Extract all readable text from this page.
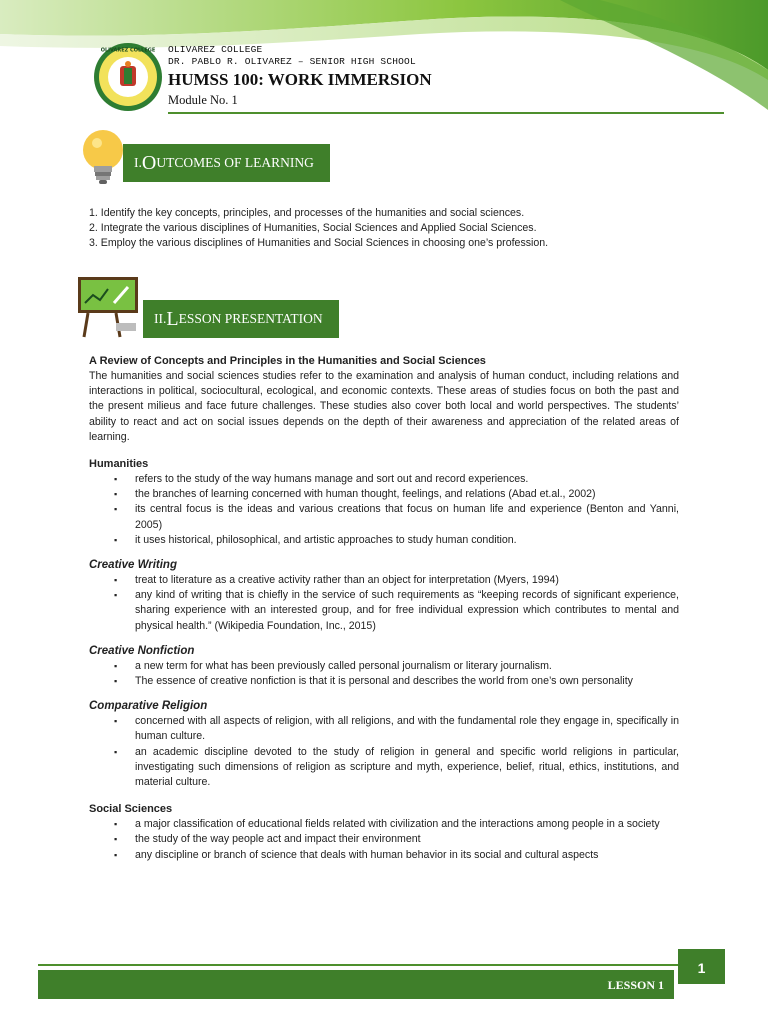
OLIVAREZ COLLEGE OLIVAREZ COLLEGE
DR. PABLO R. OLIVAREZ – SENIOR HIGH SCHOOL
HUMSS 100: WORK IMMERSION
Module No. 1
I. O UTCOMES OF LEARNING
1. Identify the key concepts, principles, and processes of the humanities and social sciences.
2. Integrate the various disciplines of Humanities, Social Sciences and Applied Social Sciences.
3. Employ the various disciplines of Humanities and Social Sciences in choosing one’s profession.
II. L ESSON PRESENTATION
A Review of Concepts and Principles in the Humanities and Social Sciences

The humanities and social sciences studies refer to the examination and analysis of human conduct, including relations and interactions in political, sociocultural, ecological, and economic contexts. These areas of studies focus on both the past and the present milieus and face future challenges. These studies also cover both local and world perspectives. The students’ ability to react and act on social issues depends on the depth of their awareness and appreciation of the related areas of learning.

Humanities
▪ refers to the study of the way humans manage and sort out and record experiences.
▪ the branches of learning concerned with human thought, feelings, and relations (Abad et.al., 2002)
▪ its central focus is the ideas and various creations that focus on human life and experience (Benton and Yanni, 2005)
▪ it uses historical, philosophical, and artistic approaches to study human condition.
Creative Writing
▪ treat to literature as a creative activity rather than an object for interpretation (Myers, 1994)
▪ any kind of writing that is chiefly in the service of such requirements as “keeping records of significant experience, sharing experience with an interested group, and for free individual expression which contributes to mental and physical health.” (Wikipedia Foundation, Inc., 2015)
Creative Nonfiction
▪ a new term for what has been previously called personal journalism or literary journalism.
▪ The essence of creative nonfiction is that it is personal and describes the world from one’s own personality
Comparative Religion
▪ concerned with all aspects of religion, with all religions, and with the fundamental role they engage in, specifically in human culture.
▪ an academic discipline devoted to the study of religion in general and specific world religions in particular, investigating such dimensions of religion as scripture and myth, experience, belief, ritual, ethics, institutions, and material culture.
Social Sciences
▪ a major classification of educational fields related with civilization and the interactions among people in a society
▪ the study of the way people act and impact their environment
▪ any discipline or branch of science that deals with human behavior in its social and cultural aspects
LESSON 1
1
